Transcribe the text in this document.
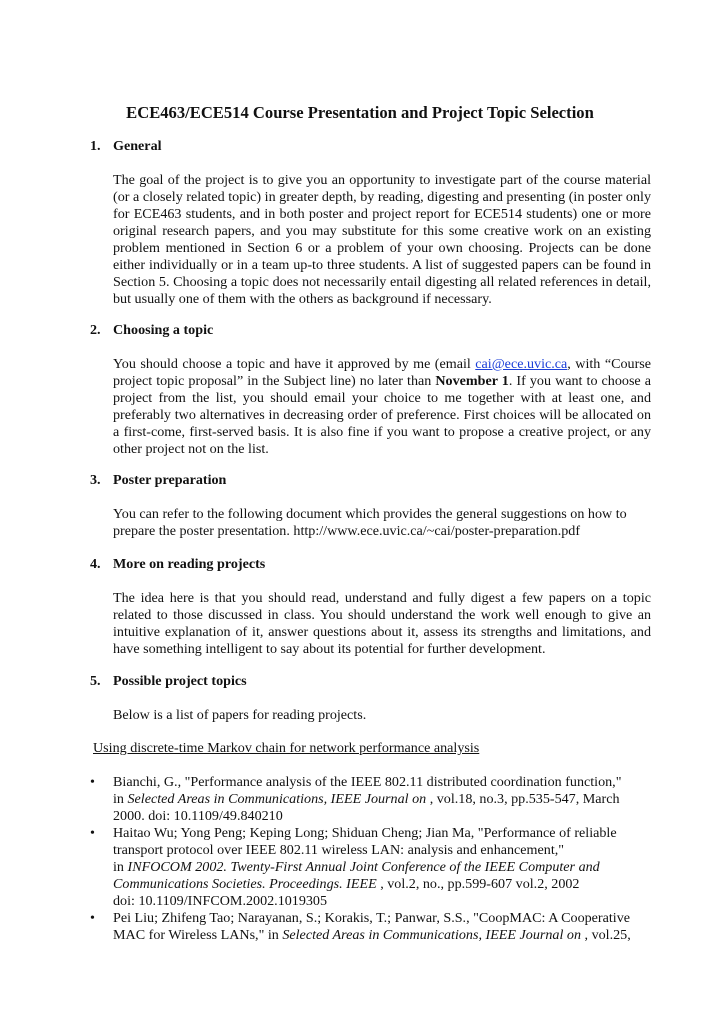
ECE463/ECE514 Course Presentation and Project Topic Selection
1. General

The goal of the project is to give you an opportunity to investigate part of the course material (or a closely related topic) in greater depth, by reading, digesting and presenting (in poster only for ECE463 students, and in both poster and project report for ECE514 students) one or more original research papers, and you may substitute for this some creative work on an existing problem mentioned in Section 6 or a problem of your own choosing. Projects can be done either individually or in a team up-to three students. A list of suggested papers can be found in Section 5. Choosing a topic does not necessarily entail digesting all related references in detail, but usually one of them with the others as background if necessary.

2. Choosing a topic

You should choose a topic and have it approved by me (email cai@ece.uvic.ca, with “Course project topic proposal” in the Subject line) no later than November 1. If you want to choose a project from the list, you should email your choice to me together with at least one, and preferably two alternatives in decreasing order of preference. First choices will be allocated on a first-come, first-served basis. It is also fine if you want to propose a creative project, or any other project not on the list.

3. Poster preparation

You can refer to the following document which provides the general suggestions on how to prepare the poster presentation. http://www.ece.uvic.ca/~cai/poster-preparation.pdf

4. More on reading projects

The idea here is that you should read, understand and fully digest a few papers on a topic related to those discussed in class. You should understand the work well enough to give an intuitive explanation of it, answer questions about it, assess its strengths and limitations, and have something intelligent to say about its potential for further development.

5. Possible project topics

Below is a list of papers for reading projects.

Using discrete-time Markov chain for network performance analysis
• Bianchi, G., "Performance analysis of the IEEE 802.11 distributed coordination function,"
in Selected Areas in Communications, IEEE Journal on , vol.18, no.3, pp.535-547, March
2000. doi: 10.1109/49.840210
• Haitao Wu; Yong Peng; Keping Long; Shiduan Cheng; Jian Ma, "Performance of reliable
transport protocol over IEEE 802.11 wireless LAN: analysis and enhancement,"
in INFOCOM 2002. Twenty-First Annual Joint Conference of the IEEE Computer and
Communications Societies. Proceedings. IEEE , vol.2, no., pp.599-607 vol.2, 2002
doi: 10.1109/INFCOM.2002.1019305
• Pei Liu; Zhifeng Tao; Narayanan, S.; Korakis, T.; Panwar, S.S., "CoopMAC: A Cooperative
MAC for Wireless LANs," in Selected Areas in Communications, IEEE Journal on , vol.25,
